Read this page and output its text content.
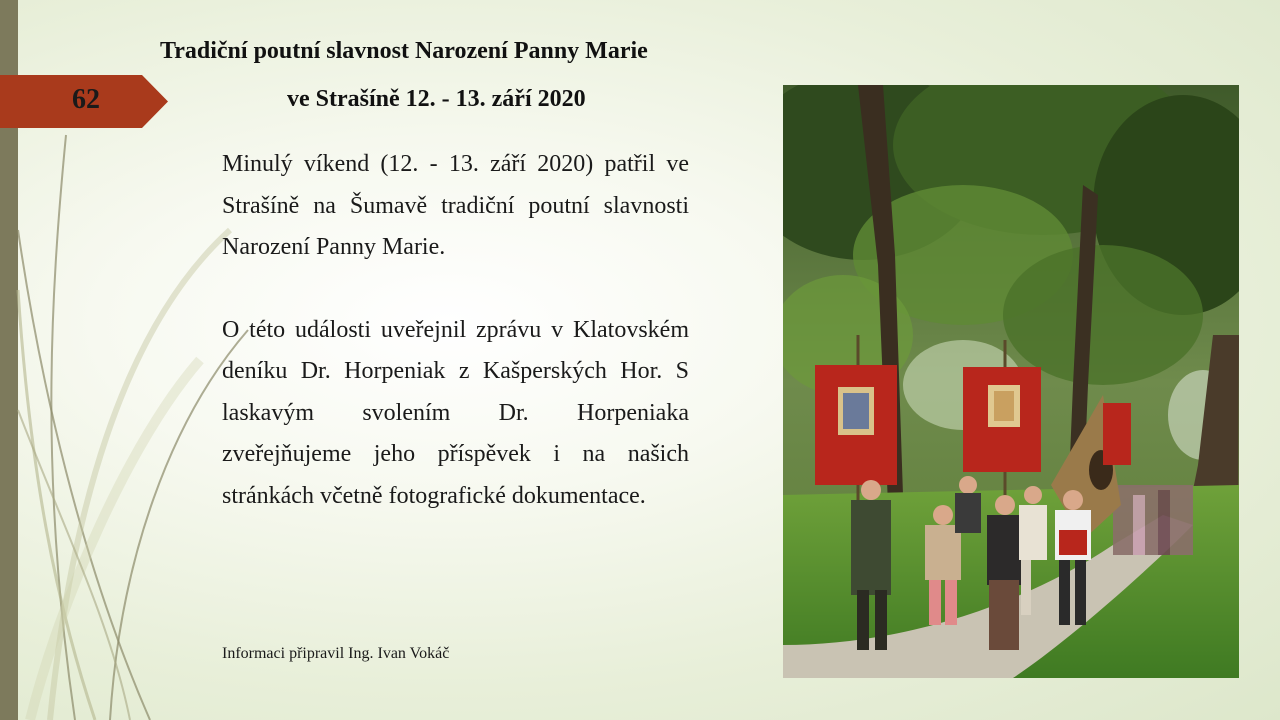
62
Tradiční poutní slavnost Narození Panny Marie
ve Strašíně 12. - 13. září 2020

Minulý víkend (12. - 13. září 2020) patřil ve Strašíně na Šumavě tradiční poutní slavnosti Narození Panny Marie.

O této události uveřejnil zprávu v Klatovském deníku Dr. Horpeniak z Kašperských Hor. S laskavým svolením Dr. Horpeniaka zveřejňujeme jeho příspěvek i na našich stránkách včetně fotografické dokumentace.

Informaci připravil Ing. Ivan Vokáč
